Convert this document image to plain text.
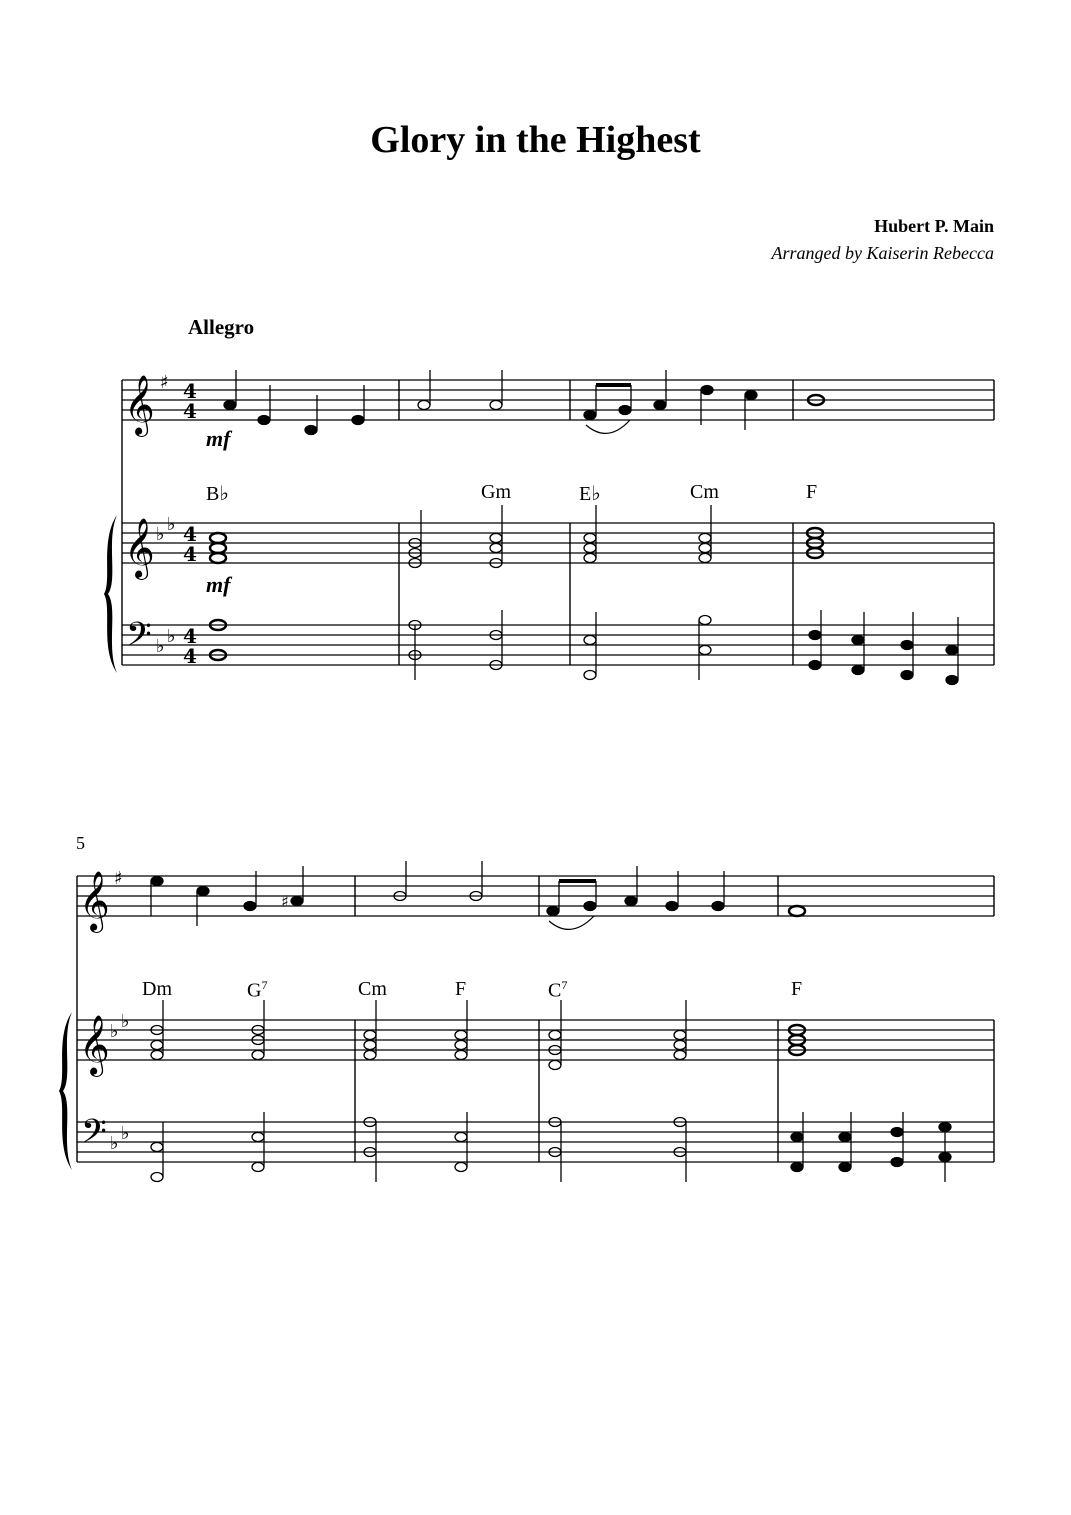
Glory in the Highest
Hubert P. Main
Arranged by Kaiserin Rebecca
Allegro
5
mf
mf
B♭	Gm	E♭	Cm	F
Dm	$G^7$	Cm	F	$C^7$	F
𝄞
𝄞
𝄢
𝄞
𝄞
𝄢
♯
♭ ♭
♭ ♭
♯
♭ ♭
♭ ♭
4
4
4
4
4
4
♯
